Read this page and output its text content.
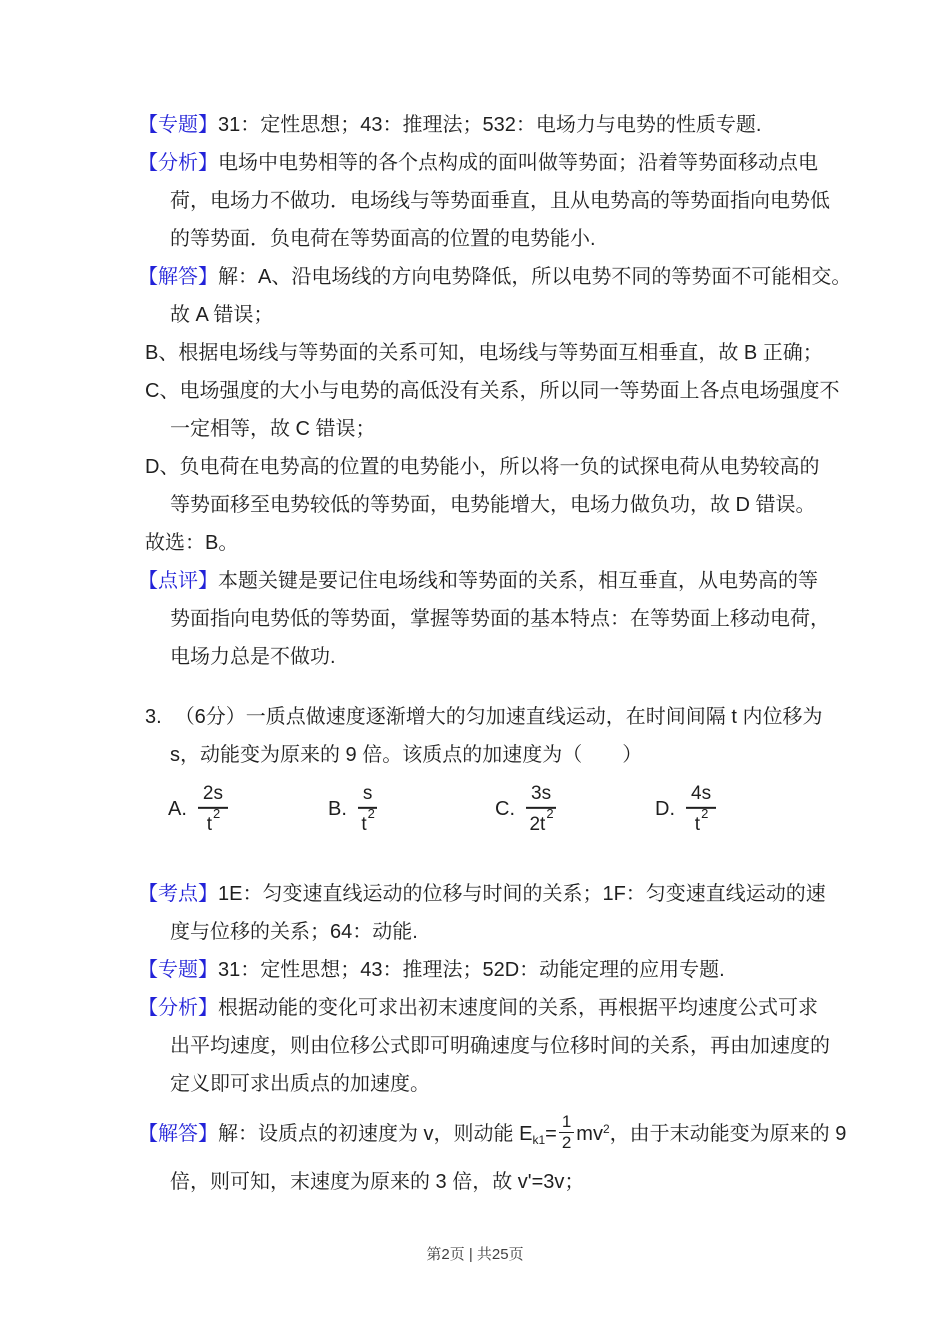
【专题】31：定性思想；43：推理法；532：电场力与电势的性质专题.
【分析】电场中电势相等的各个点构成的面叫做等势面；沿着等势面移动点电
荷，电场力不做功．电场线与等势面垂直，且从电势高的等势面指向电势低
的等势面．负电荷在等势面高的位置的电势能小.
【解答】解：A、沿电场线的方向电势降低，所以电势不同的等势面不可能相交。
故 A 错误；
B、根据电场线与等势面的关系可知，电场线与等势面互相垂直，故 B 正确；
C、电场强度的大小与电势的高低没有关系，所以同一等势面上各点电场强度不
一定相等，故 C 错误；
D、负电荷在电势高的位置的电势能小，所以将一负的试探电荷从电势较高的
等势面移至电势较低的等势面，电势能增大，电场力做负功，故 D 错误。
故选：B。
【点评】本题关键是要记住电场线和等势面的关系，相互垂直，从电势高的等
势面指向电势低的等势面，掌握等势面的基本特点：在等势面上移动电荷，
电场力总是不做功.
3. （6分）一质点做速度逐渐增大的匀加速直线运动，在时间间隔 t 内位移为
s，动能变为原来的 9 倍。该质点的加速度为（　　）
A. $\frac{2s}{t^2}$	B. $\frac{s}{t^2}$	C. $\frac{3s}{2t^2}$	D. $\frac{4s}{t^2}$
【考点】1E：匀变速直线运动的位移与时间的关系；1F：匀变速直线运动的速
度与位移的关系；64：动能.
【专题】31：定性思想；43：推理法；52D：动能定理的应用专题.
【分析】根据动能的变化可求出初末速度间的关系，再根据平均速度公式可求
出平均速度，则由位移公式即可明确速度与位移时间的关系，再由加速度的
定义即可求出质点的加速度。
【解答】解：设质点的初速度为 v，则动能 $E_{k1}= \frac{1}{2} mv^2$，由于末动能变为原来的 9
倍，则可知，末速度为原来的 3 倍，故 v'=3v；
第2页 | 共25页
